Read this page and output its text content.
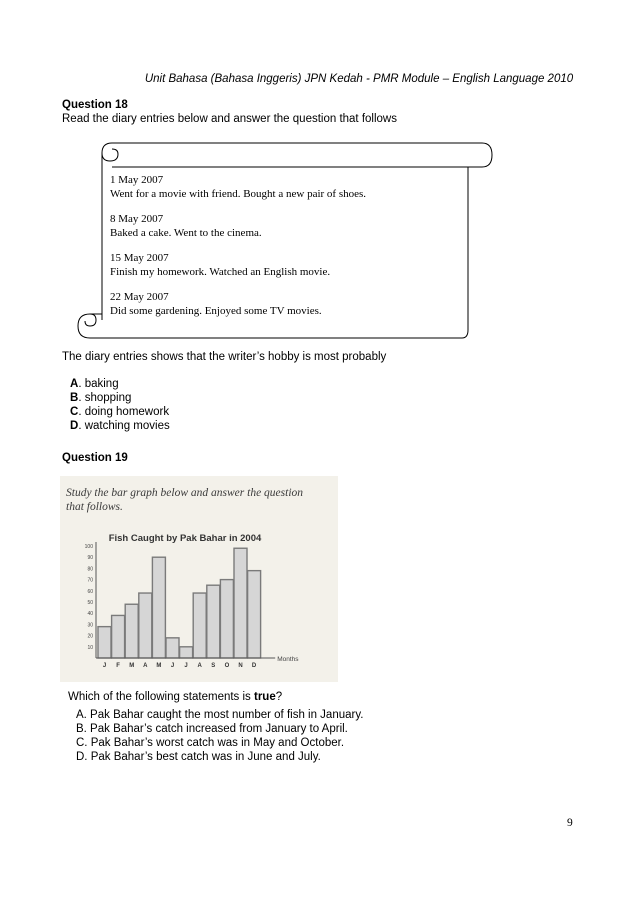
Unit Bahasa (Bahasa Inggeris) JPN Kedah - PMR Module – English Language 2010
Question 18
Read the diary entries below and answer the question that follows
1 May 2007
Went for a movie with friend. Bought a new pair of shoes.
8 May 2007
Baked a cake. Went to the cinema.
15 May 2007
Finish my homework. Watched an English movie.
22 May 2007
Did some gardening. Enjoyed some TV movies.
The diary entries shows that the writer’s hobby is most probably
A. baking
B. shopping
C. doing homework
D. watching movies
Question 19
Study the bar graph below and answer the question
that follows.
Fish Caught by Pak Bahar in 2004
100
90
80
70
60
50
40
30
20
10
J F M A M J J A S O N D
Months
Which of the following statements is true?
A. Pak Bahar caught the most number of fish in January.
B. Pak Bahar’s catch increased from January to April.
C. Pak Bahar’s worst catch was in May and October.
D. Pak Bahar’s best catch was in June and July.
9
